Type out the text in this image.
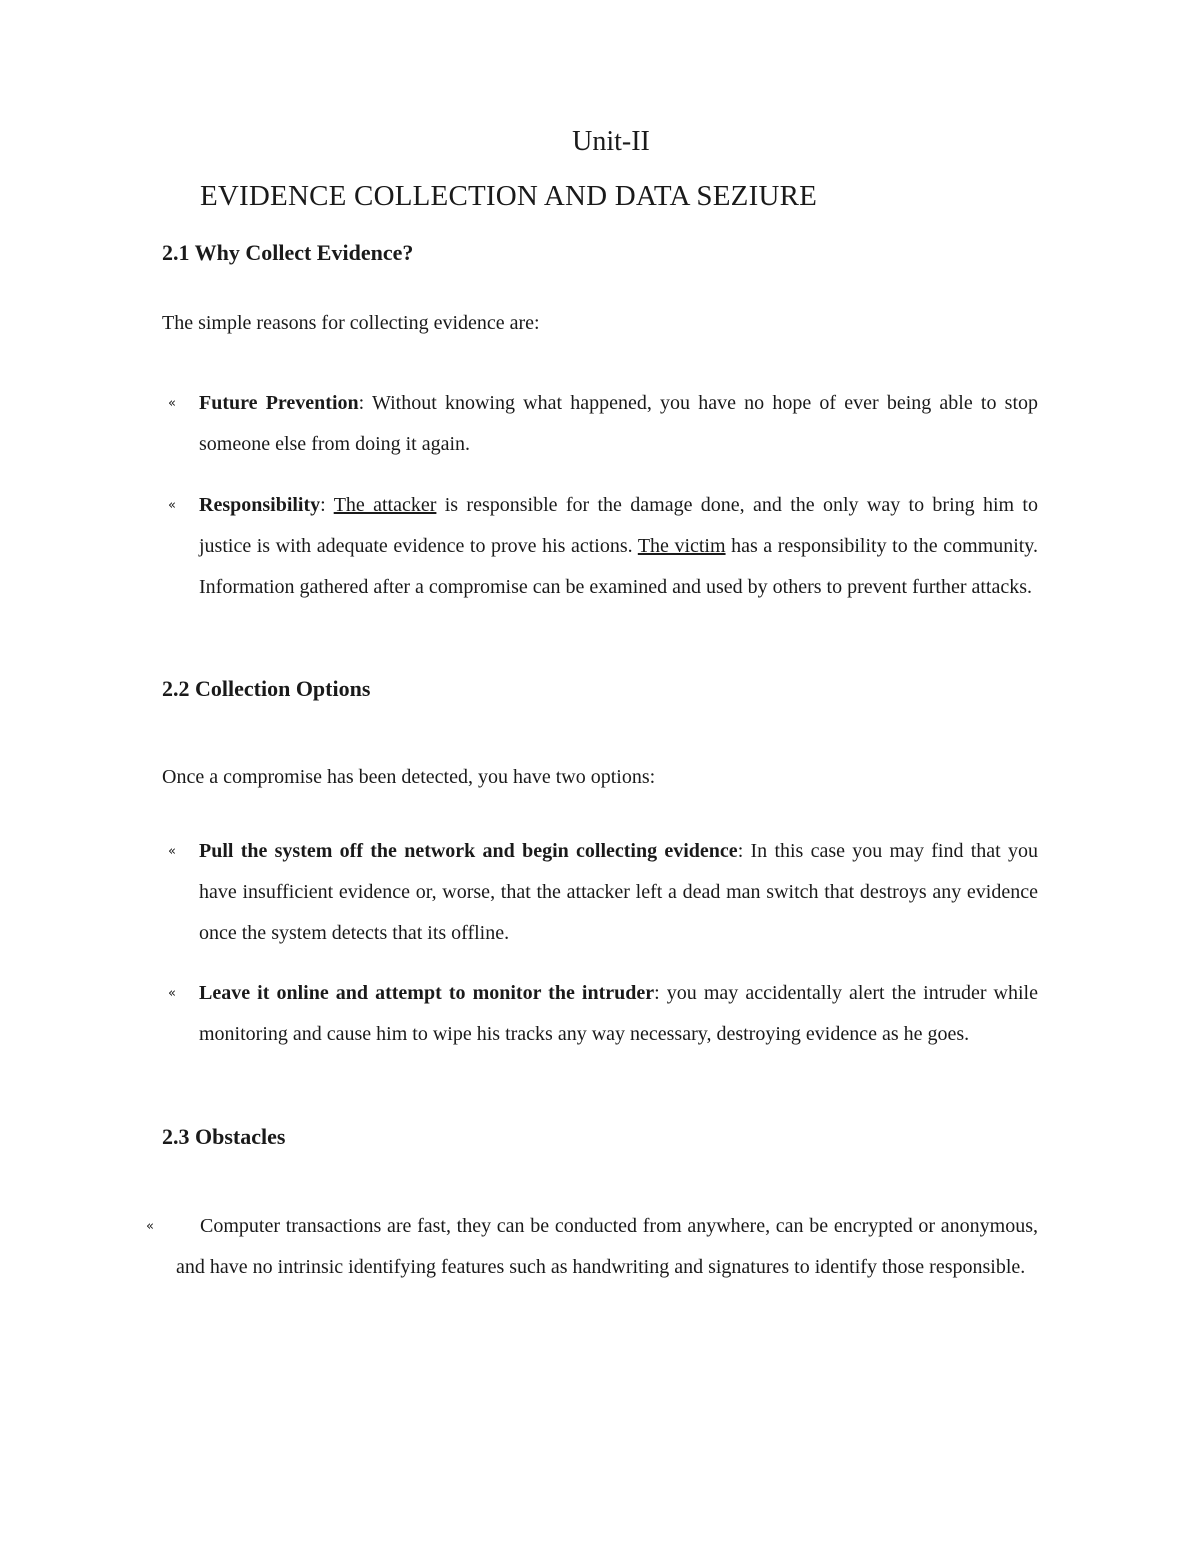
Unit-II
EVIDENCE COLLECTION AND DATA SEZIURE
2.1 Why Collect Evidence?

The simple reasons for collecting evidence are:

« Future Prevention: Without knowing what happened, you have no hope of ever being able to stop someone else from doing it again.
« Responsibility: The attacker is responsible for the damage done, and the only way to bring him to justice is with adequate evidence to prove his actions. The victim has a responsibility to the community. Information gathered after a compromise can be examined and used by others to prevent further attacks.
2.2 Collection Options

Once a compromise has been detected, you have two options:

« Pull the system off the network and begin collecting evidence: In this case you may find that you have insufficient evidence or, worse, that the attacker left a dead man switch that destroys any evidence once the system detects that its offline.
« Leave it online and attempt to monitor the intruder: you may accidentally alert the intruder while monitoring and cause him to wipe his tracks any way necessary, destroying evidence as he goes.
2.3 Obstacles
«	Computer transactions are fast, they can be conducted from anywhere, can be encrypted or anonymous, and have no intrinsic identifying features such as handwriting and signatures to identify those responsible.
